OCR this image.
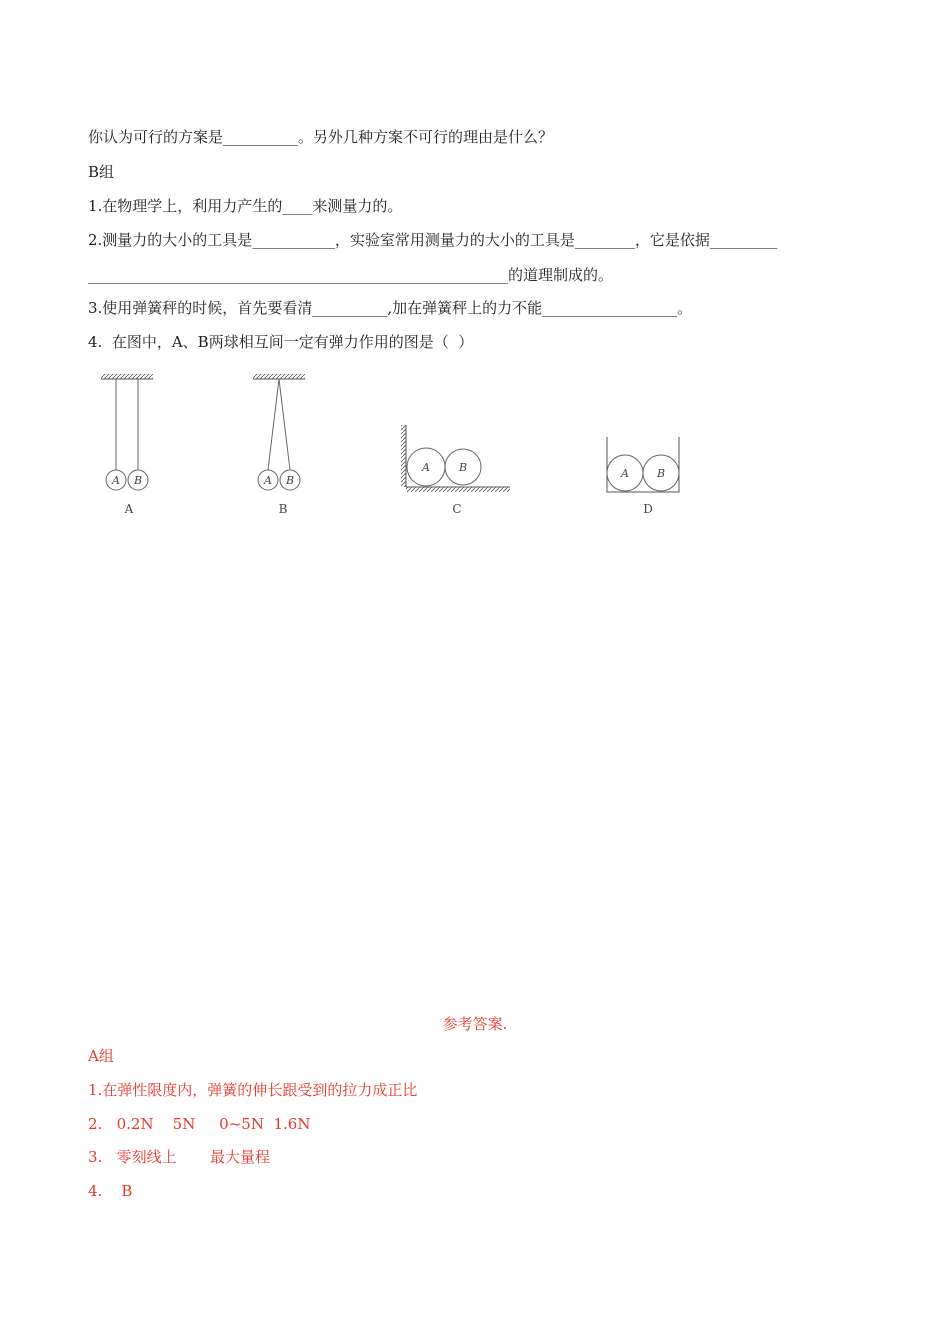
你认为可行的方案是__________。另外几种方案不可行的理由是什么？
B组
1.在物理学上，利用力产生的____来测量力的。
2.测量力的大小的工具是___________，实验室常用测量力的大小的工具是________，它是依据_________
________________________________________________________的道理制成的。
3.使用弹簧秤的时候，首先要看清__________,加在弹簧秤上的力不能__________________。
4.  在图中，A、B两球相互间一定有弹力作用的图是（  ）
A B
A
A B
B
A	B
C
A	B
D
参考答案.
A组
1.在弹性限度内，弹簧的伸长跟受到的拉力成正比
2.   0.2N    5N     0~5N  1.6N
3.   零刻线上       最大量程
4.    B
